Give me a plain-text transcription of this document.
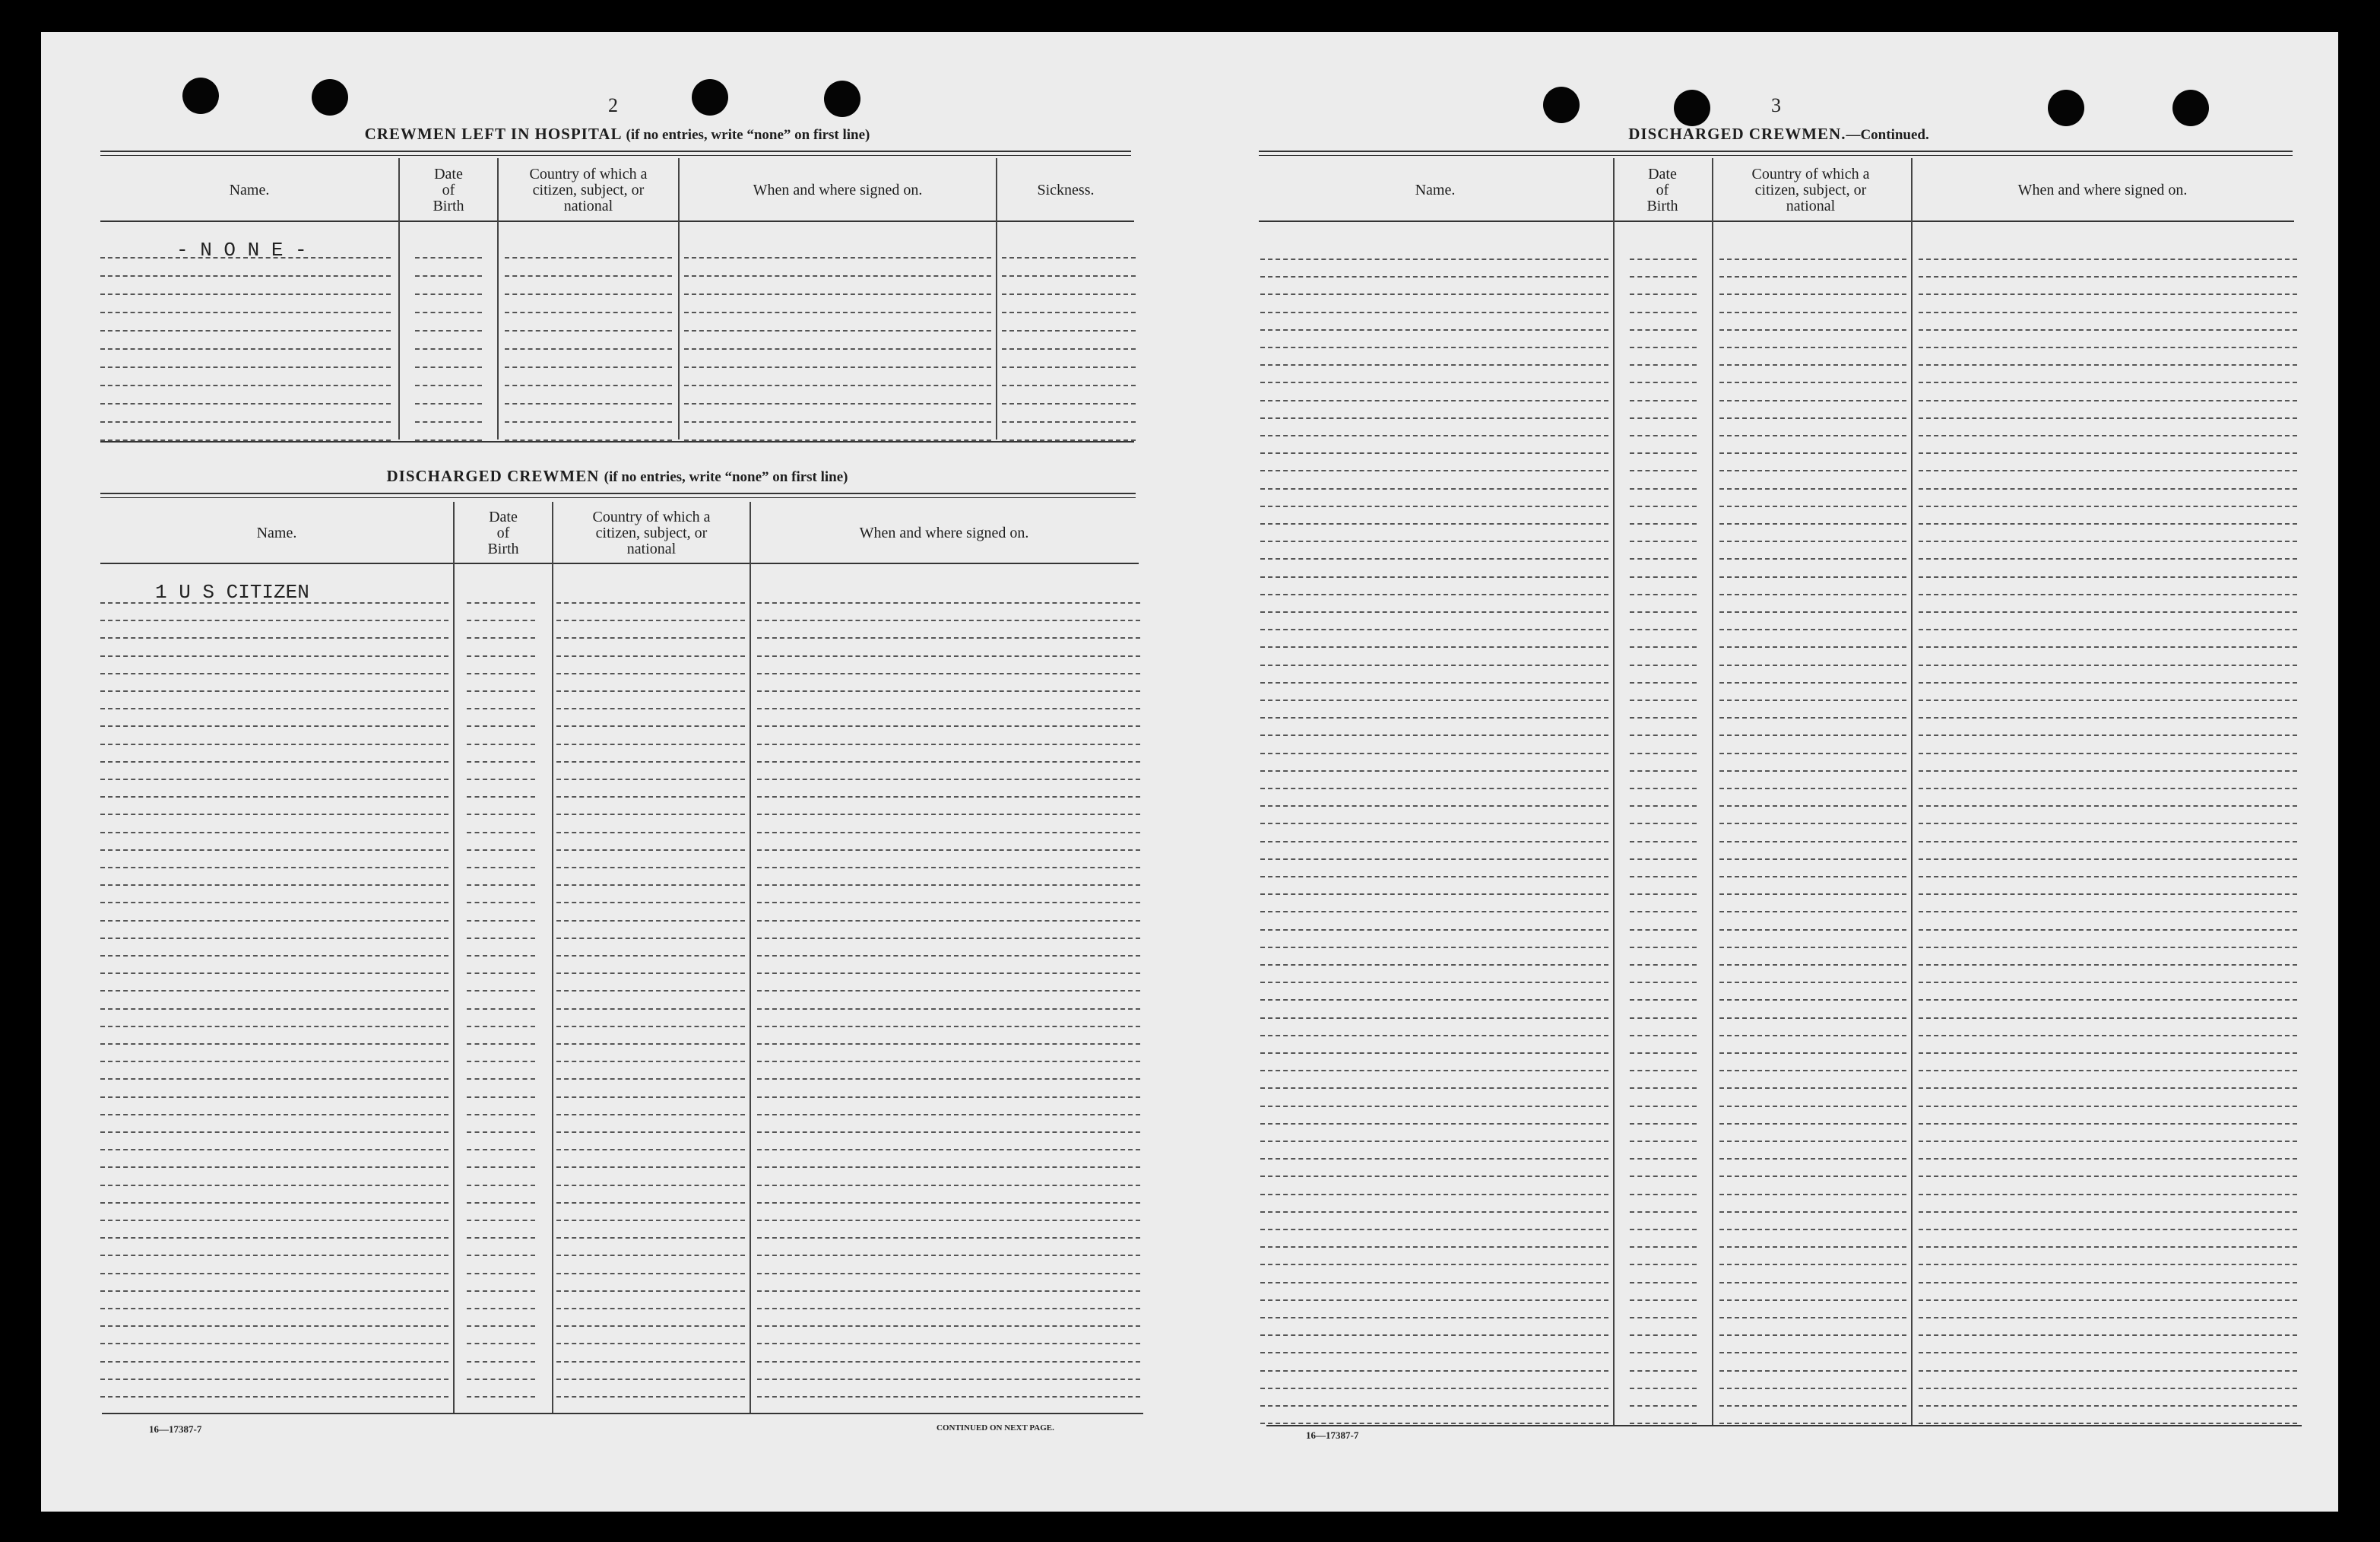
2
CREWMEN LEFT IN HOSPITAL (if no entries, write “none” on first line)
Name.
Date
of
Birth
Country of which a
citizen, subject, or
national
When and where signed on.	Sickness.
- N O N E -
DISCHARGED CREWMEN (if no entries, write “none” on first line)
Name.
Date
of
Birth
Country of which a
citizen, subject, or
national
When and where signed on.
1 U S CITIZEN
16—17387-7	CONTINUED ON NEXT PAGE.
3
DISCHARGED CREWMEN.—Continued.
Name.
Date
of
Birth
Country of which a
citizen, subject, or
national
When and where signed on.
16—17387-7
